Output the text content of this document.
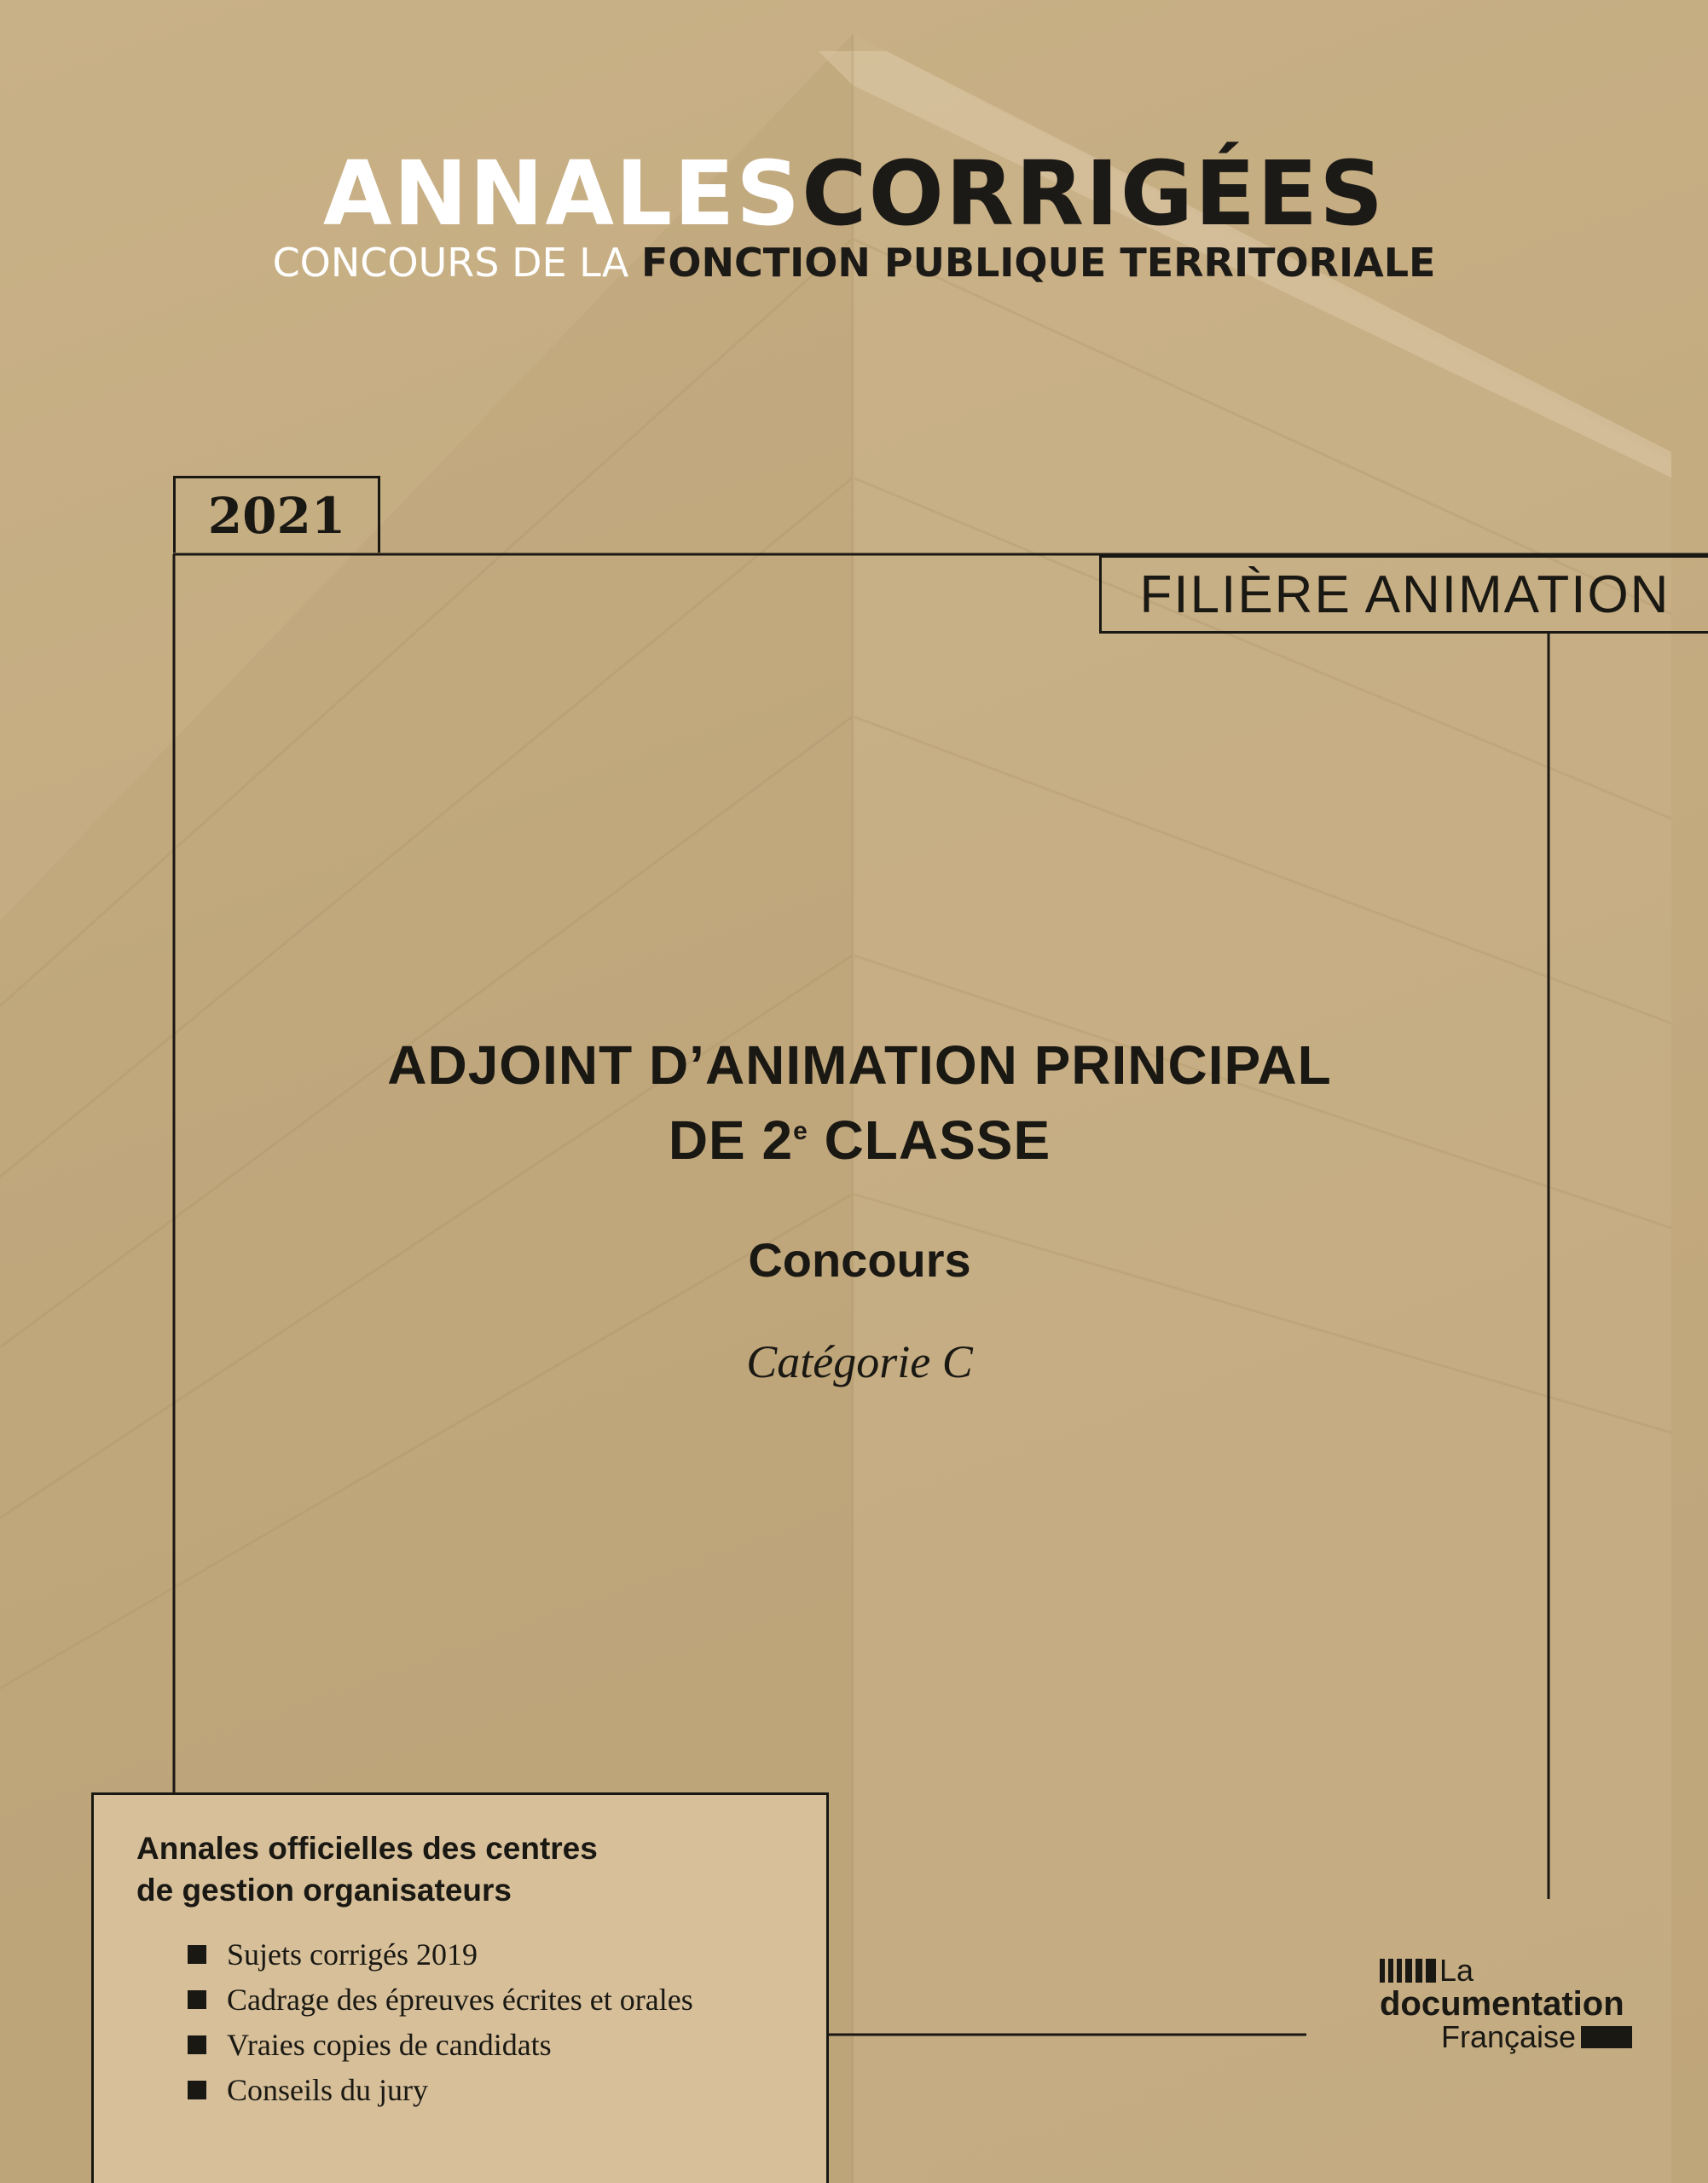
ANNALESCORRIGÉES
CONCOURS DE LA FONCTION PUBLIQUE TERRITORIALE
2021
FILIÈRE ANIMATION
ADJOINT D’ANIMATION PRINCIPAL
DE 2e CLASSE
Concours
Catégorie C
Annales officielles des centres
de gestion organisateurs
Sujets corrigés 2019
Cadrage des épreuves écrites et orales
Vraies copies de candidats
Conseils du jury
La
documentation
Française
